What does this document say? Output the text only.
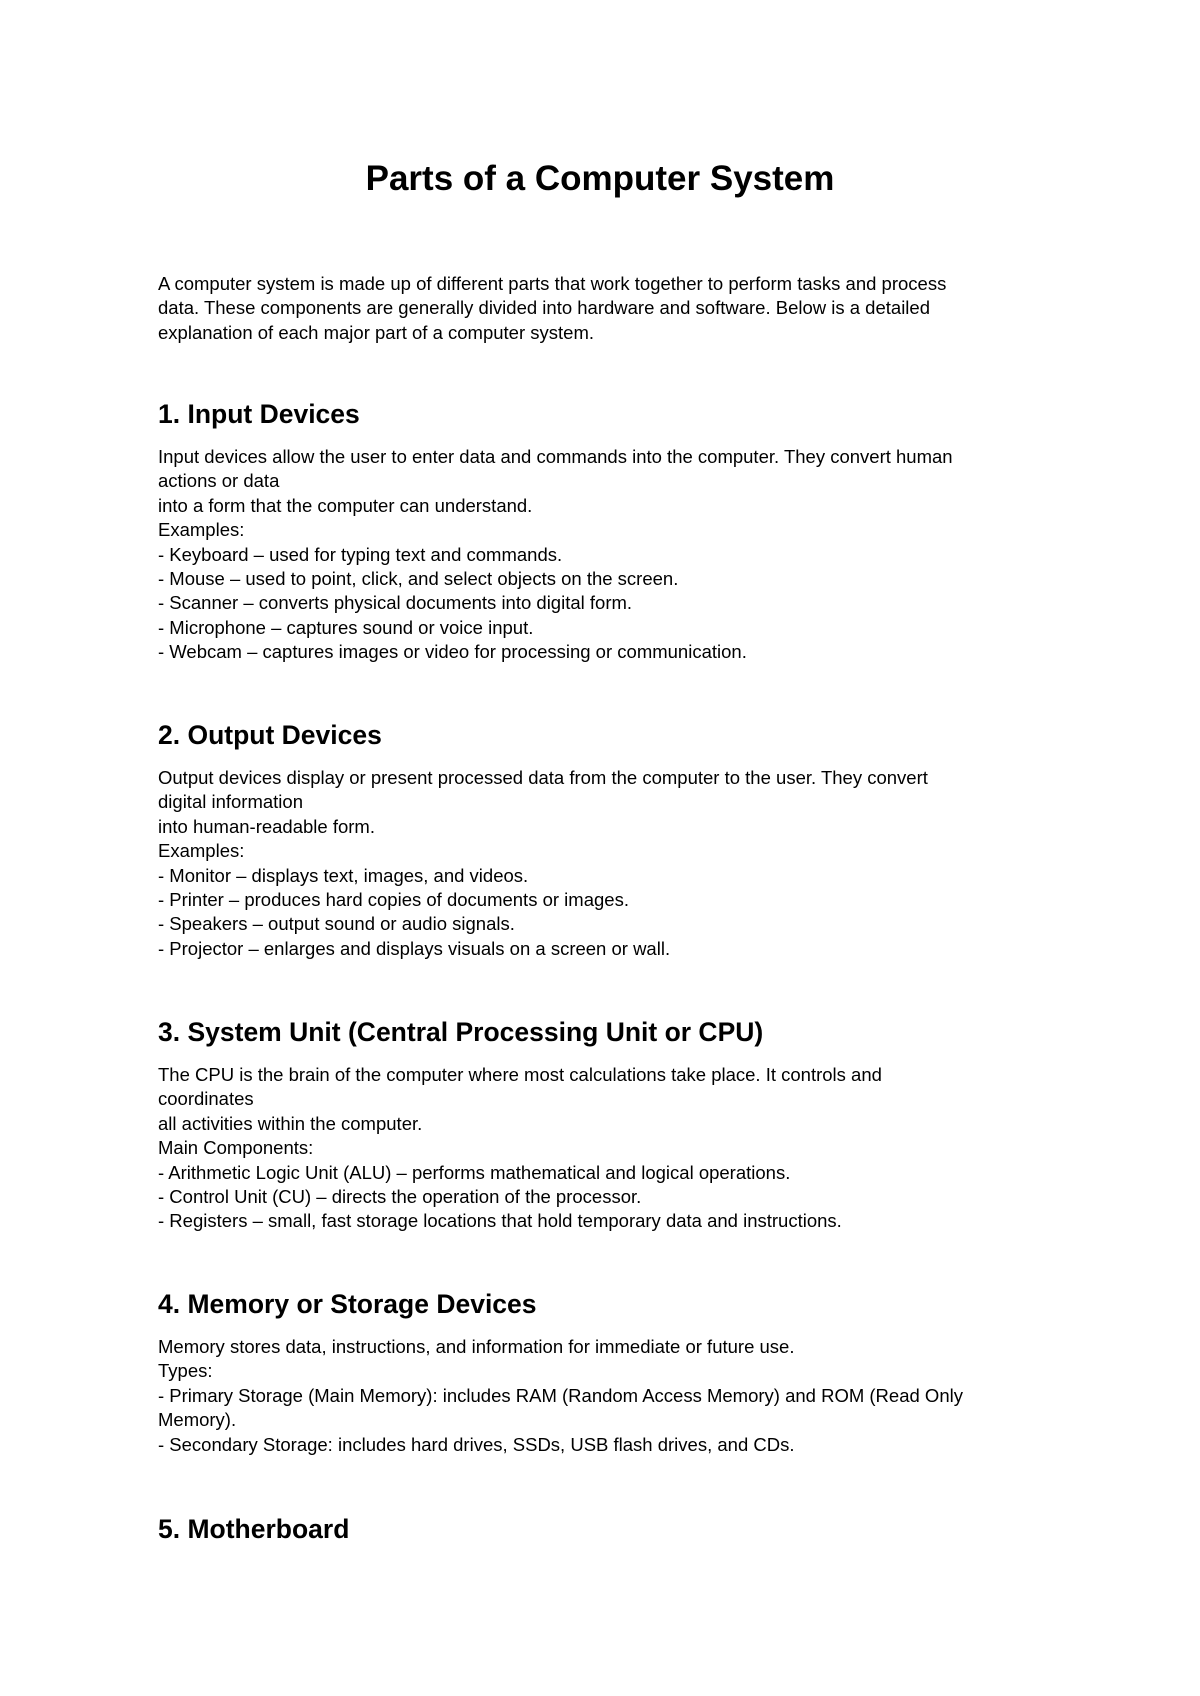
Parts of a Computer System

A computer system is made up of different parts that work together to perform tasks and process

data. These components are generally divided into hardware and software. Below is a detailed

explanation of each major part of a computer system.

1. Input Devices

Input devices allow the user to enter data and commands into the computer. They convert human

actions or data

into a form that the computer can understand.

Examples:

- Keyboard – used for typing text and commands.

- Mouse – used to point, click, and select objects on the screen.

- Scanner – converts physical documents into digital form.

- Microphone – captures sound or voice input.

- Webcam – captures images or video for processing or communication.

2. Output Devices

Output devices display or present processed data from the computer to the user. They convert

digital information

into human-readable form.

Examples:

- Monitor – displays text, images, and videos.

- Printer – produces hard copies of documents or images.

- Speakers – output sound or audio signals.

- Projector – enlarges and displays visuals on a screen or wall.

3. System Unit (Central Processing Unit or CPU)

The CPU is the brain of the computer where most calculations take place. It controls and

coordinates

all activities within the computer.

Main Components:

- Arithmetic Logic Unit (ALU) – performs mathematical and logical operations.

- Control Unit (CU) – directs the operation of the processor.

- Registers – small, fast storage locations that hold temporary data and instructions.

4. Memory or Storage Devices

Memory stores data, instructions, and information for immediate or future use.

Types:

- Primary Storage (Main Memory): includes RAM (Random Access Memory) and ROM (Read Only

Memory).

- Secondary Storage: includes hard drives, SSDs, USB flash drives, and CDs.

5. Motherboard
